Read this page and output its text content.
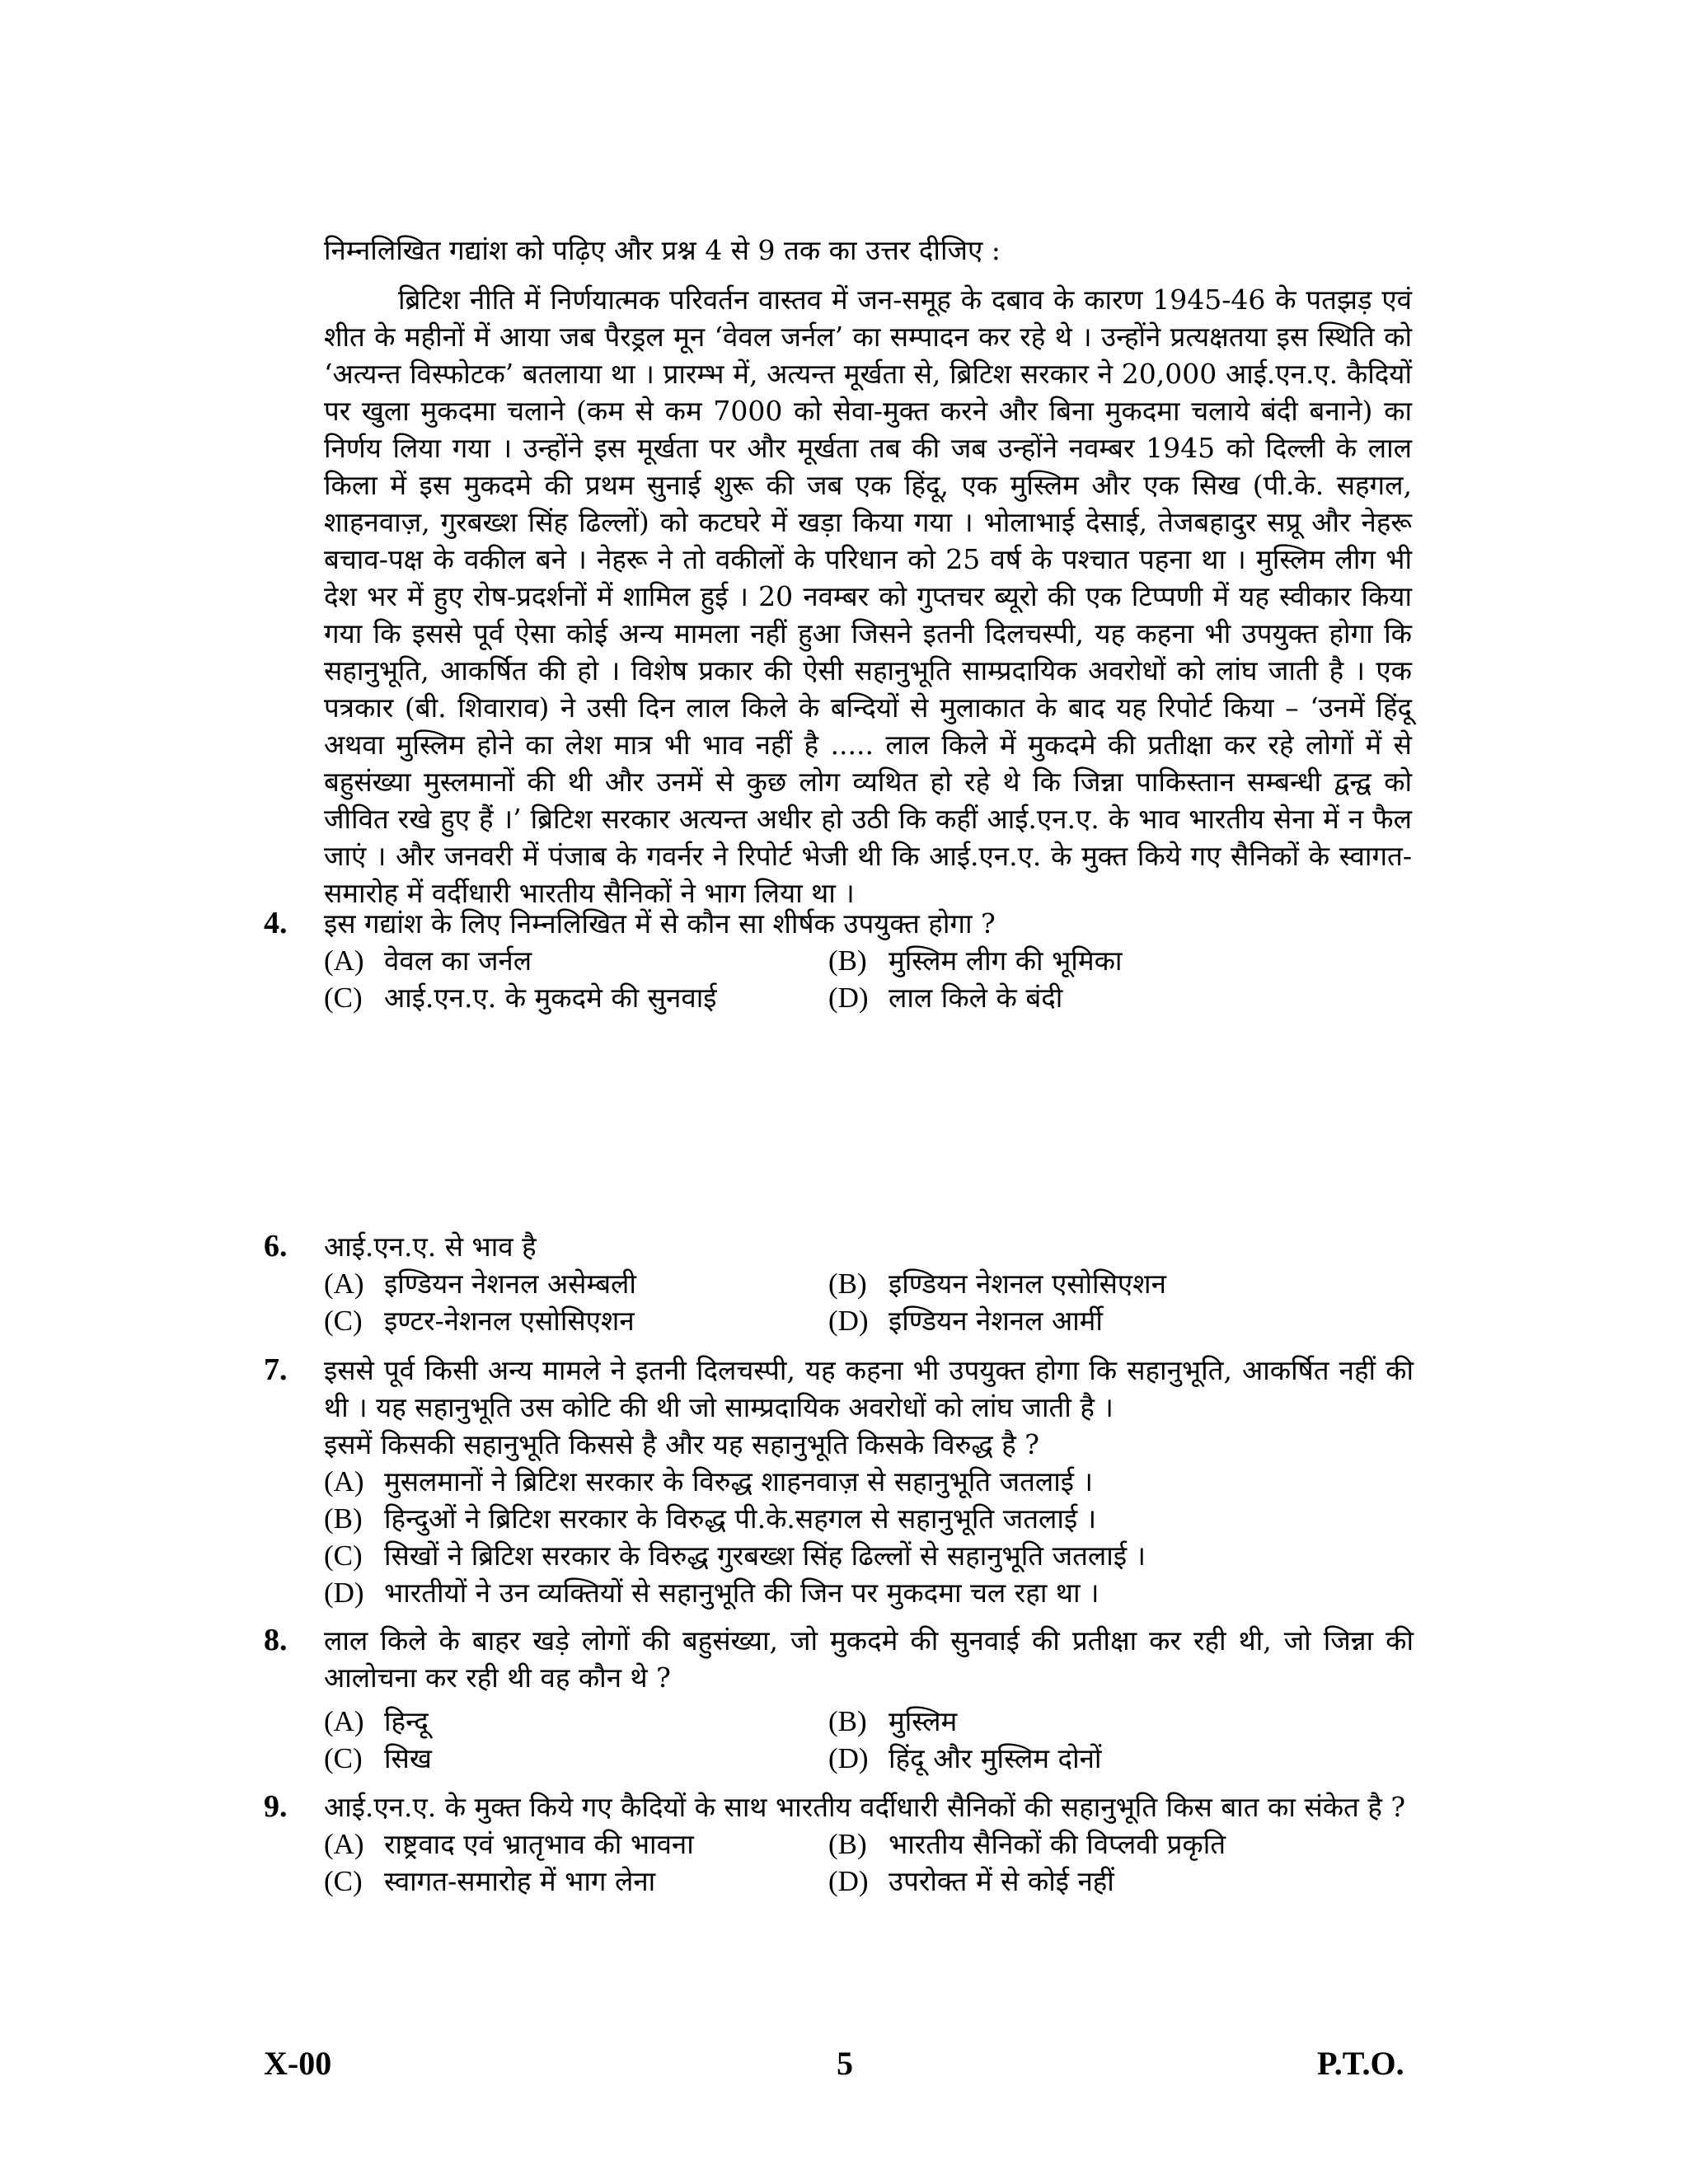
निम्नलिखित गद्यांश को पढ़िए और प्रश्न 4 से 9 तक का उत्तर दीजिए :

ब्रिटिश नीति में निर्णयात्मक परिवर्तन वास्तव में जन-समूह के दबाव के कारण 1945-46 के पतझड़ एवं शीत के महीनों में आया जब पैरड्रल मून ‘वेवल जर्नल’ का सम्पादन कर रहे थे । उन्होंने प्रत्यक्षतया इस स्थिति को ‘अत्यन्त विस्फोटक’ बतलाया था । प्रारम्भ में, अत्यन्त मूर्खता से, ब्रिटिश सरकार ने 20,000 आई.एन.ए. कैदियों पर खुला मुकदमा चलाने (कम से कम 7000 को सेवा-मुक्त करने और बिना मुकदमा चलाये बंदी बनाने) का निर्णय लिया गया । उन्होंने इस मूर्खता पर और मूर्खता तब की जब उन्होंने नवम्बर 1945 को दिल्ली के लाल किला में इस मुकदमे की प्रथम सुनाई शुरू की जब एक हिंदू, एक मुस्लिम और एक सिख (पी.के. सहगल, शाहनवाज़, गुरबख्श सिंह ढिल्लों) को कटघरे में खड़ा किया गया । भोलाभाई देसाई, तेजबहादुर सप्रू और नेहरू बचाव-पक्ष के वकील बने । नेहरू ने तो वकीलों के परिधान को 25 वर्ष के पश्चात पहना था । मुस्लिम लीग भी देश भर में हुए रोष-प्रदर्शनों में शामिल हुई । 20 नवम्बर को गुप्तचर ब्यूरो की एक टिप्पणी में यह स्वीकार किया गया कि इससे पूर्व ऐसा कोई अन्य मामला नहीं हुआ जिसने इतनी दिलचस्पी, यह कहना भी उपयुक्त होगा कि सहानुभूति, आकर्षित की हो । विशेष प्रकार की ऐसी सहानुभूति साम्प्रदायिक अवरोधों को लांघ जाती है । एक पत्रकार (बी. शिवाराव) ने उसी दिन लाल किले के बन्दियों से मुलाकात के बाद यह रिपोर्ट किया – ‘उनमें हिंदू अथवा मुस्लिम होने का लेश मात्र भी भाव नहीं है ..... लाल किले में मुकदमे की प्रतीक्षा कर रहे लोगों में से बहुसंख्या मुस्लमानों की थी और उनमें से कुछ लोग व्यथित हो रहे थे कि जिन्ना पाकिस्तान सम्बन्धी द्वन्द्व को जीवित रखे हुए हैं ।’ ब्रिटिश सरकार अत्यन्त अधीर हो उठी कि कहीं आई.एन.ए. के भाव भारतीय सेना में न फैल जाएं । और जनवरी में पंजाब के गवर्नर ने रिपोर्ट भेजी थी कि आई.एन.ए. के मुक्त किये गए सैनिकों के स्वागत-समारोह में वर्दीधारी भारतीय सैनिकों ने भाग लिया था ।

4. इस गद्यांश के लिए निम्नलिखित में से कौन सा शीर्षक उपयुक्त होगा ?
(A) वेवल का जर्नल	(B) मुस्लिम लीग की भूमिका
(C) आई.एन.ए. के मुकदमे की सुनवाई	(D) लाल किले के बंदी
6. आई.एन.ए. से भाव है
(A) इण्डियन नेशनल असेम्बली	(B) इण्डियन नेशनल एसोसिएशन
(C) इण्टर-नेशनल एसोसिएशन	(D) इण्डियन नेशनल आर्मी
7. इससे पूर्व किसी अन्य मामले ने इतनी दिलचस्पी, यह कहना भी उपयुक्त होगा कि सहानुभूति, आकर्षित नहीं की थी । यह सहानुभूति उस कोटि की थी जो साम्प्रदायिक अवरोधों को लांघ जाती है ।
इसमें किसकी सहानुभूति किससे है और यह सहानुभूति किसके विरुद्ध है ?
(A) मुसलमानों ने ब्रिटिश सरकार के विरुद्ध शाहनवाज़ से सहानुभूति जतलाई ।
(B) हिन्दुओं ने ब्रिटिश सरकार के विरुद्ध पी.के.सहगल से सहानुभूति जतलाई ।
(C) सिखों ने ब्रिटिश सरकार के विरुद्ध गुरबख्श सिंह ढिल्लों से सहानुभूति जतलाई ।
(D) भारतीयों ने उन व्यक्तियों से सहानुभूति की जिन पर मुकदमा चल रहा था ।
8. लाल किले के बाहर खड़े लोगों की बहुसंख्या, जो मुकदमे की सुनवाई की प्रतीक्षा कर रही थी, जो जिन्ना की आलोचना कर रही थी वह कौन थे ?
(A) हिन्दू	(B) मुस्लिम
(C) सिख	(D) हिंदू और मुस्लिम दोनों
9. आई.एन.ए. के मुक्त किये गए कैदियों के साथ भारतीय वर्दीधारी सैनिकों की सहानुभूति किस बात का संकेत है ?
(A) राष्ट्रवाद एवं भ्रातृभाव की भावना	(B) भारतीय सैनिकों की विप्लवी प्रकृति
(C) स्वागत-समारोह में भाग लेना	(D) उपरोक्त में से कोई नहीं
X-00	5	P.T.O.
